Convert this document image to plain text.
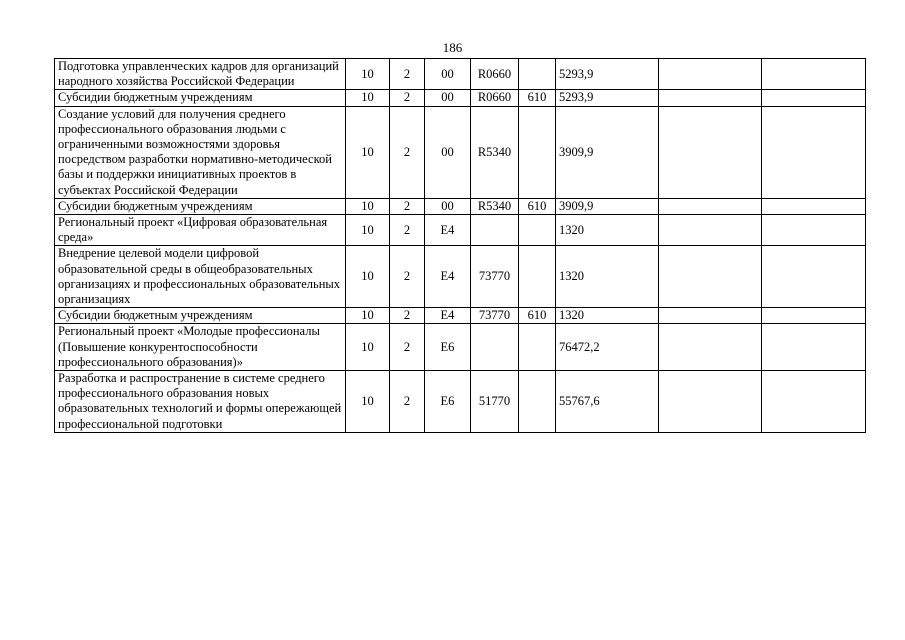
186
Подготовка управленческих кадров для организаций народного хозяйства Российской Федерации	10	2	00	R0660		5293,9		
Субсидии бюджетным учреждениям	10	2	00	R0660	610	5293,9		
Создание условий для получения среднего профессионального образования людьми с ограниченными возможностями здоровья посредством разработки нормативно-методической базы и поддержки инициативных проектов в субъектах Российской Федерации	10	2	00	R5340		3909,9		
Субсидии бюджетным учреждениям	10	2	00	R5340	610	3909,9		
Региональный проект «Цифровая образовательная среда»	10	2	Е4			1320		
Внедрение целевой модели цифровой образовательной среды в общеобразовательных организациях и профессиональных образовательных организациях	10	2	Е4	73770		1320		
Субсидии бюджетным учреждениям	10	2	Е4	73770	610	1320		
Региональный проект «Молодые профессионалы (Повышение конкурентоспособности профессионального образования)»	10	2	Е6			76472,2		
Разработка и распространение в системе среднего профессионального образования новых образовательных технологий и формы опережающей профессиональной подготовки	10	2	Е6	51770		55767,6		
